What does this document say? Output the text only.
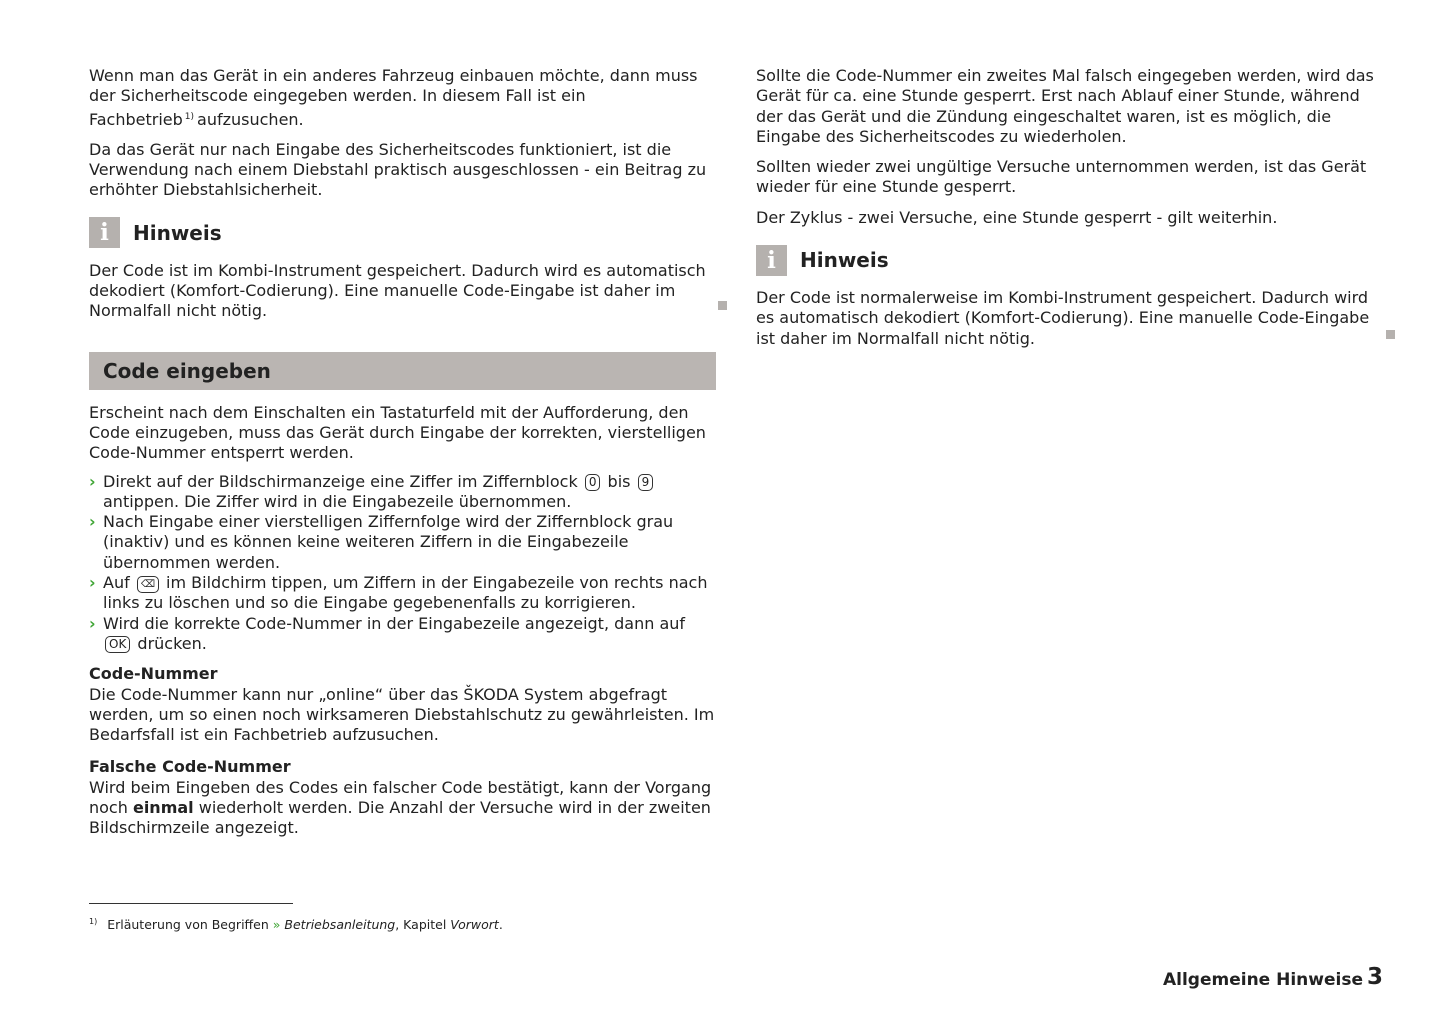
Wenn man das Gerät in ein anderes Fahrzeug einbauen möchte, dann muss der Sicherheitscode eingegeben werden. In diesem Fall ist ein Fachbetrieb $^{1)}$ aufzusuchen.

Da das Gerät nur nach Eingabe des Sicherheitscodes funktioniert, ist die Verwendung nach einem Diebstahl praktisch ausgeschlossen - ein Beitrag zu erhöhter Diebstahlsicherheit.

i	Hinweis

Der Code ist im Kombi-Instrument gespeichert. Dadurch wird es automatisch dekodiert (Komfort-Codierung). Eine manuelle Code-Eingabe ist daher im Normalfall nicht nötig.

Code eingeben

Erscheint nach dem Einschalten ein Tastaturfeld mit der Aufforderung, den Code einzugeben, muss das Gerät durch Eingabe der korrekten, vierstelligen Code-Nummer entsperrt werden.

› Direkt auf der Bildschirmanzeige eine Ziffer im Ziffernblock 0 bis 9 antippen. Die Ziffer wird in die Eingabezeile übernommen.
› Nach Eingabe einer vierstelligen Ziffernfolge wird der Ziffernblock grau (inaktiv) und es können keine weiteren Ziffern in die Eingabezeile übernommen werden.
› Auf ⌫ im Bildchirm tippen, um Ziffern in der Eingabezeile von rechts nach links zu löschen und so die Eingabe gegebenenfalls zu korrigieren.
› Wird die korrekte Code-Nummer in der Eingabezeile angezeigt, dann auf OK drücken.

Code-Nummer

Die Code-Nummer kann nur „online“ über das ŠKODA System abgefragt werden, um so einen noch wirksameren Diebstahlschutz zu gewährleisten. Im Bedarfsfall ist ein Fachbetrieb aufzusuchen.

Falsche Code-Nummer

Wird beim Eingeben des Codes ein falscher Code bestätigt, kann der Vorgang noch einmal wiederholt werden. Die Anzahl der Versuche wird in der zweiten Bildschirmzeile angezeigt.

Sollte die Code-Nummer ein zweites Mal falsch eingegeben werden, wird das Gerät für ca. eine Stunde gesperrt. Erst nach Ablauf einer Stunde, während der das Gerät und die Zündung eingeschaltet waren, ist es möglich, die Eingabe des Sicherheitscodes zu wiederholen.

Sollten wieder zwei ungültige Versuche unternommen werden, ist das Gerät wieder für eine Stunde gesperrt.

Der Zyklus - zwei Versuche, eine Stunde gesperrt - gilt weiterhin.

i	Hinweis

Der Code ist normalerweise im Kombi-Instrument gespeichert. Dadurch wird es automatisch dekodiert (Komfort-Codierung). Eine manuelle Code-Eingabe ist daher im Normalfall nicht nötig.

$^{1)}$ Erläuterung von Begriffen » Betriebsanleitung, Kapitel Vorwort.
Allgemeine Hinweise 3
